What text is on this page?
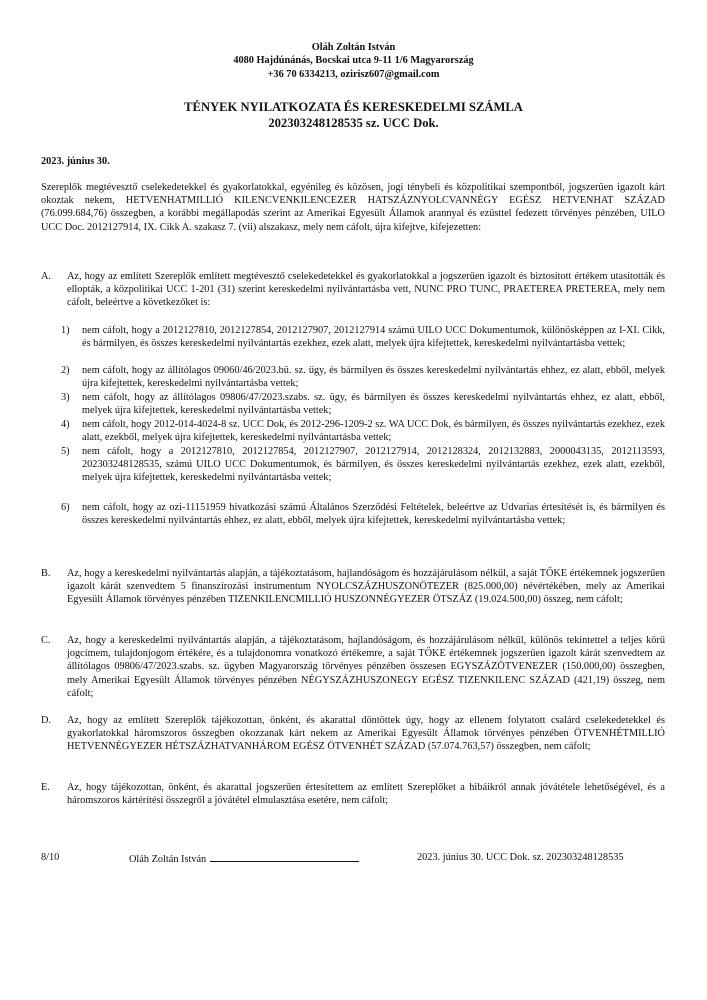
Oláh Zoltán István
4080 Hajdúnánás, Bocskai utca 9-11 1/6 Magyarország
+36 70 6334213, ozirisz607@gmail.com
TÉNYEK NYILATKOZATA ÉS KERESKEDELMI SZÁMLA
202303248128535 sz. UCC Dok.
2023. június 30.
Szereplők megtévesztő cselekedetekkel és gyakorlatokkal, egyénileg és közösen, jogi ténybeli és közpolitikai szempontból, jogszerűen igazolt kárt okoztak nekem, HETVENHATMILLIÓ KILENCVENKILENCEZER HATSZÁZNYOLCVANNÉGY EGÉSZ HETVENHAT SZÁZAD (76.099.684,76) összegben, a korábbi megállapodás szerint az Amerikai Egyesült Államok arannyal és ezüsttel fedezett törvényes pénzében, UILO UCC Doc. 2012127914, IX. Cikk A. szakasz 7. (vii) alszakasz, mely nem cáfolt, újra kifejtve, kifejezetten:
A. Az, hogy az említett Szereplők említett megtévesztő cselekedetekkel és gyakorlatokkal a jogszerűen igazolt és biztosított értékem utasították és ellopták, a közpolitikai UCC 1-201 (31) szerint kereskedelmi nyilvántartásba vett, NUNC PRO TUNC, PRAETEREA PRETEREA, mely nem cáfolt, beleértve a következőket is:
1) nem cáfolt, hogy a 2012127810, 2012127854, 2012127907, 2012127914 számú UILO UCC Dokumentumok, különösképpen az I-XI. Cikk, és bármilyen, és összes kereskedelmi nyilvántartás ezekhez, ezek alatt, melyek újra kifejtettek, kereskedelmi nyilvántartásba vettek;
2) nem cáfolt, hogy az állítólagos 09060/46/2023.bü. sz. ügy, és bármilyen és összes kereskedelmi nyilvántartás ehhez, ez alatt, ebből, melyek újra kifejtettek, kereskedelmi nyilvántartásba vettek;
3) nem cáfolt, hogy az állítólagos 09806/47/2023.szabs. sz. ügy, és bármilyen és összes kereskedelmi nyilvántartás ehhez, ez alatt, ebből, melyek újra kifejtettek, kereskedelmi nyilvántartásba vettek;
4) nem cáfolt, hogy 2012-014-4024-8 sz. UCC Dok, és 2012-296-1209-2 sz. WA UCC Dok, és bármilyen, és összes nyilvántartás ezekhez, ezek alatt, ezekből, melyek újra kifejtettek, kereskedelmi nyilvántartásba vettek;
5) nem cáfolt, hogy a 2012127810, 2012127854, 2012127907, 2012127914, 2012128324, 2012132883, 2000043135, 2012113593, 202303248128535, számú UILO UCC Dokumentumok, és bármilyen, és összes kereskedelmi nyilvántartás ezekhez, ezek alatt, ezekből, melyek újra kifejtettek, kereskedelmi nyilvántartásba vettek;
6) nem cáfolt, hogy az ozi-11151959 hivatkozási számú Általános Szerződési Feltételek, beleértve az Udvarias értesítését is, és bármilyen és összes kereskedelmi nyilvántartás ehhez, ez alatt, ebből, melyek újra kifejtettek, kereskedelmi nyilvántartásba vettek;
B. Az, hogy a kereskedelmi nyilvántartás alapján, a tájékoztatásom, hajlandóságom és hozzájárulásom nélkül, a saját TŐKE értékemnek jogszerűen igazolt kárát szenvedtem 5 finanszírozási instrumentum NYOLCSZÁZHUSZONÖTEZER (825.000,00) névértékében, mely az Amerikai Egyesült Államok törvényes pénzében TIZENKILENCMILLIÓ HUSZONNÉGYEZER ÖTSZÁZ (19.024.500,00) összeg, nem cáfolt;
C. Az, hogy a kereskedelmi nyilvántartás alapján, a tájékoztatásom, hajlandóságom, és hozzájárulásom nélkül, különös tekintettel a teljes körű jogcímem, tulajdonjogom értékére, és a tulajdonomra vonatkozó értékemre, a saját TŐKE értékemnek jogszerűen igazolt kárát szenvedtem az állítólagos 09806/47/2023.szabs. sz. ügyben Magyarország törvényes pénzében összesen EGYSZÁZÖTVENEZER (150.000,00) összegben, mely Amerikai Egyesült Államok törvényes pénzében NÉGYSZÁZHUSZONEGY EGÉSZ TIZENKILENC SZÁZAD (421,19) összeg, nem cáfolt;
D. Az, hogy az említett Szereplők tájékozottan, önként, és akarattal döntöttek úgy, hogy az ellenem folytatott csalárd cselekedetekkel és gyakorlatokkal háromszoros összegben okozzanak kárt nekem az Amerikai Egyesült Államok törvényes pénzében ÖTVENHÉTMILLIÓ HETVENNÉGYEZER HÉTSZÁZHATVANHÁROM EGÉSZ ÖTVENHÉT SZÁZAD (57.074.763,57) összegben, nem cáfolt;
E. Az, hogy tájékozottan, önként, és akarattal jogszerűen értesítettem az említett Szereplőket a hibáikról annak jóvátétele lehetőségével, és a háromszoros kártérítési összegről a jóvátétel elmulasztása esetére, nem cáfolt;
8/10	Oláh Zoltán István	2023. június 30. UCC Dok. sz. 202303248128535
